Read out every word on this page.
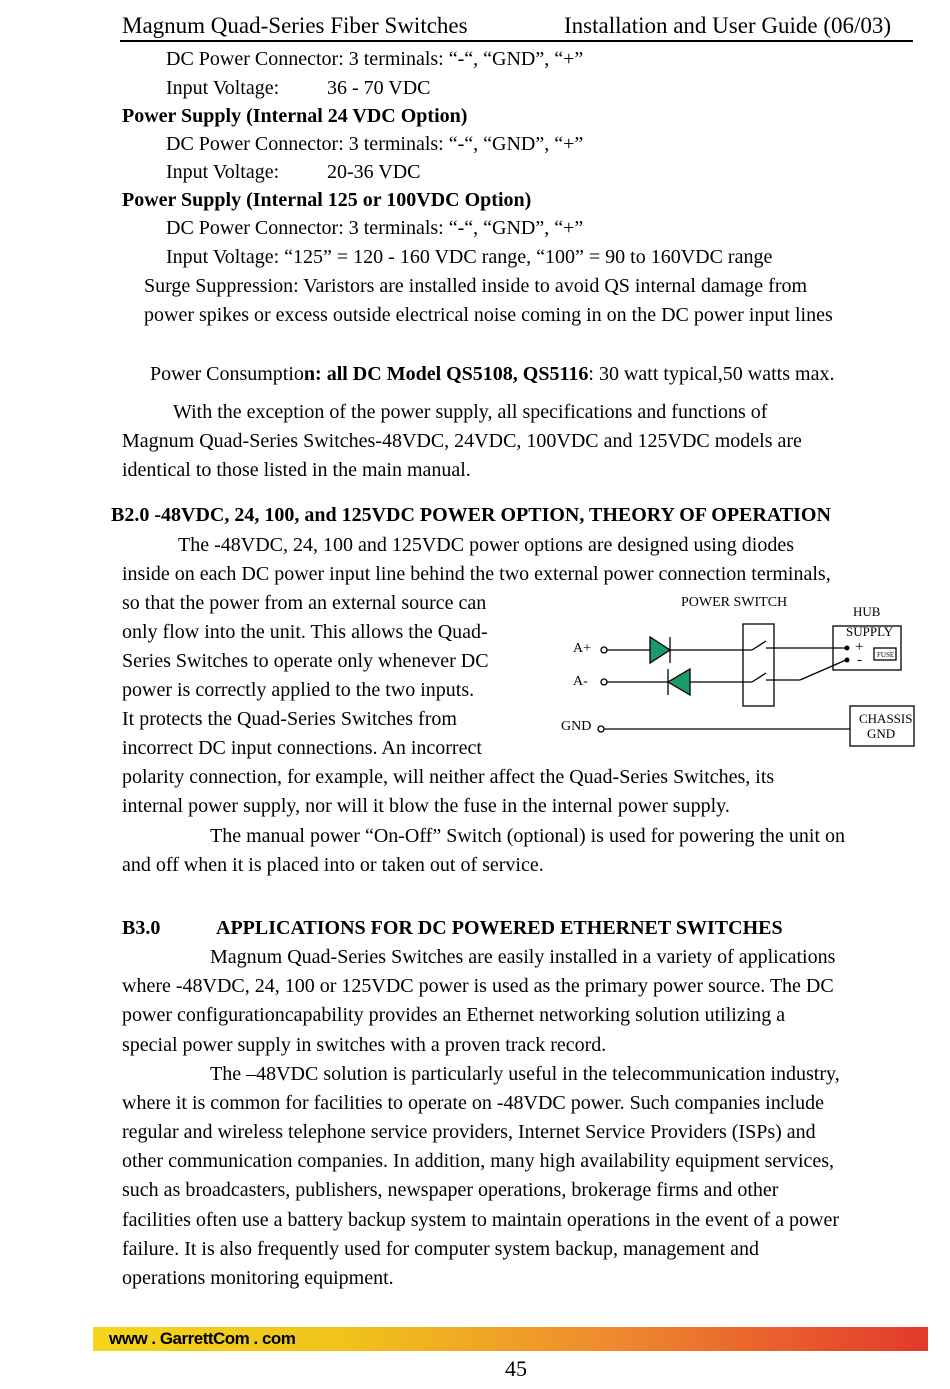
Magnum Quad-Series Fiber Switches	Installation and User Guide (06/03)
DC Power Connector: 3 terminals: “-“, “GND”, “+”
Input Voltage: 36 - 70 VDC
Power Supply (Internal 24 VDC Option)
DC Power Connector: 3 terminals: “-“, “GND”, “+”
Input Voltage: 20-36 VDC
Power Supply (Internal 125 or 100VDC Option)
DC Power Connector: 3 terminals: “-“, “GND”, “+”
Input Voltage: “125” = 120 - 160 VDC range, “100” = 90 to 160VDC range
Surge Suppression: Varistors are installed inside to avoid QS internal damage from
power spikes or excess outside electrical noise coming in on the DC power input lines
Power Consumption: all DC Model QS5108, QS5116: 30 watt typical,50 watts max.
With the exception of the power supply, all specifications and functions of
Magnum Quad-Series Switches-48VDC, 24VDC, 100VDC and 125VDC models are
identical to those listed in the main manual.
B2.0 -48VDC, 24, 100, and 125VDC POWER OPTION, THEORY OF OPERATION
The -48VDC, 24, 100 and 125VDC power options are designed using diodes
inside on each DC power input line behind the two external power connection terminals,
so that the power from an external source can
only flow into the unit. This allows the Quad-
Series Switches to operate only whenever DC
power is correctly applied to the two inputs.
It protects the Quad-Series Switches from
incorrect DC input connections. An incorrect
polarity connection, for example, will neither affect the Quad-Series Switches, its
internal power supply, nor will it blow the fuse in the internal power supply.
The manual power “On-Off” Switch (optional) is used for powering the unit on
and off when it is placed into or taken out of service.
POWER SWITCH
HUB
SUPPLY
+
- FUSE
A+
A-
GND
CHASSIS
GND
B3.0	APPLICATIONS FOR DC POWERED ETHERNET SWITCHES
Magnum Quad-Series Switches are easily installed in a variety of applications
where -48VDC, 24, 100 or 125VDC power is used as the primary power source. The DC
power configurationcapability provides an Ethernet networking solution utilizing a
special power supply in switches with a proven track record.
The –48VDC solution is particularly useful in the telecommunication industry,
where it is common for facilities to operate on -48VDC power. Such companies include
regular and wireless telephone service providers, Internet Service Providers (ISPs) and
other communication companies. In addition, many high availability equipment services,
such as broadcasters, publishers, newspaper operations, brokerage firms and other
facilities often use a battery backup system to maintain operations in the event of a power
failure. It is also frequently used for computer system backup, management and
operations monitoring equipment.
www . GarrettCom . com
45
